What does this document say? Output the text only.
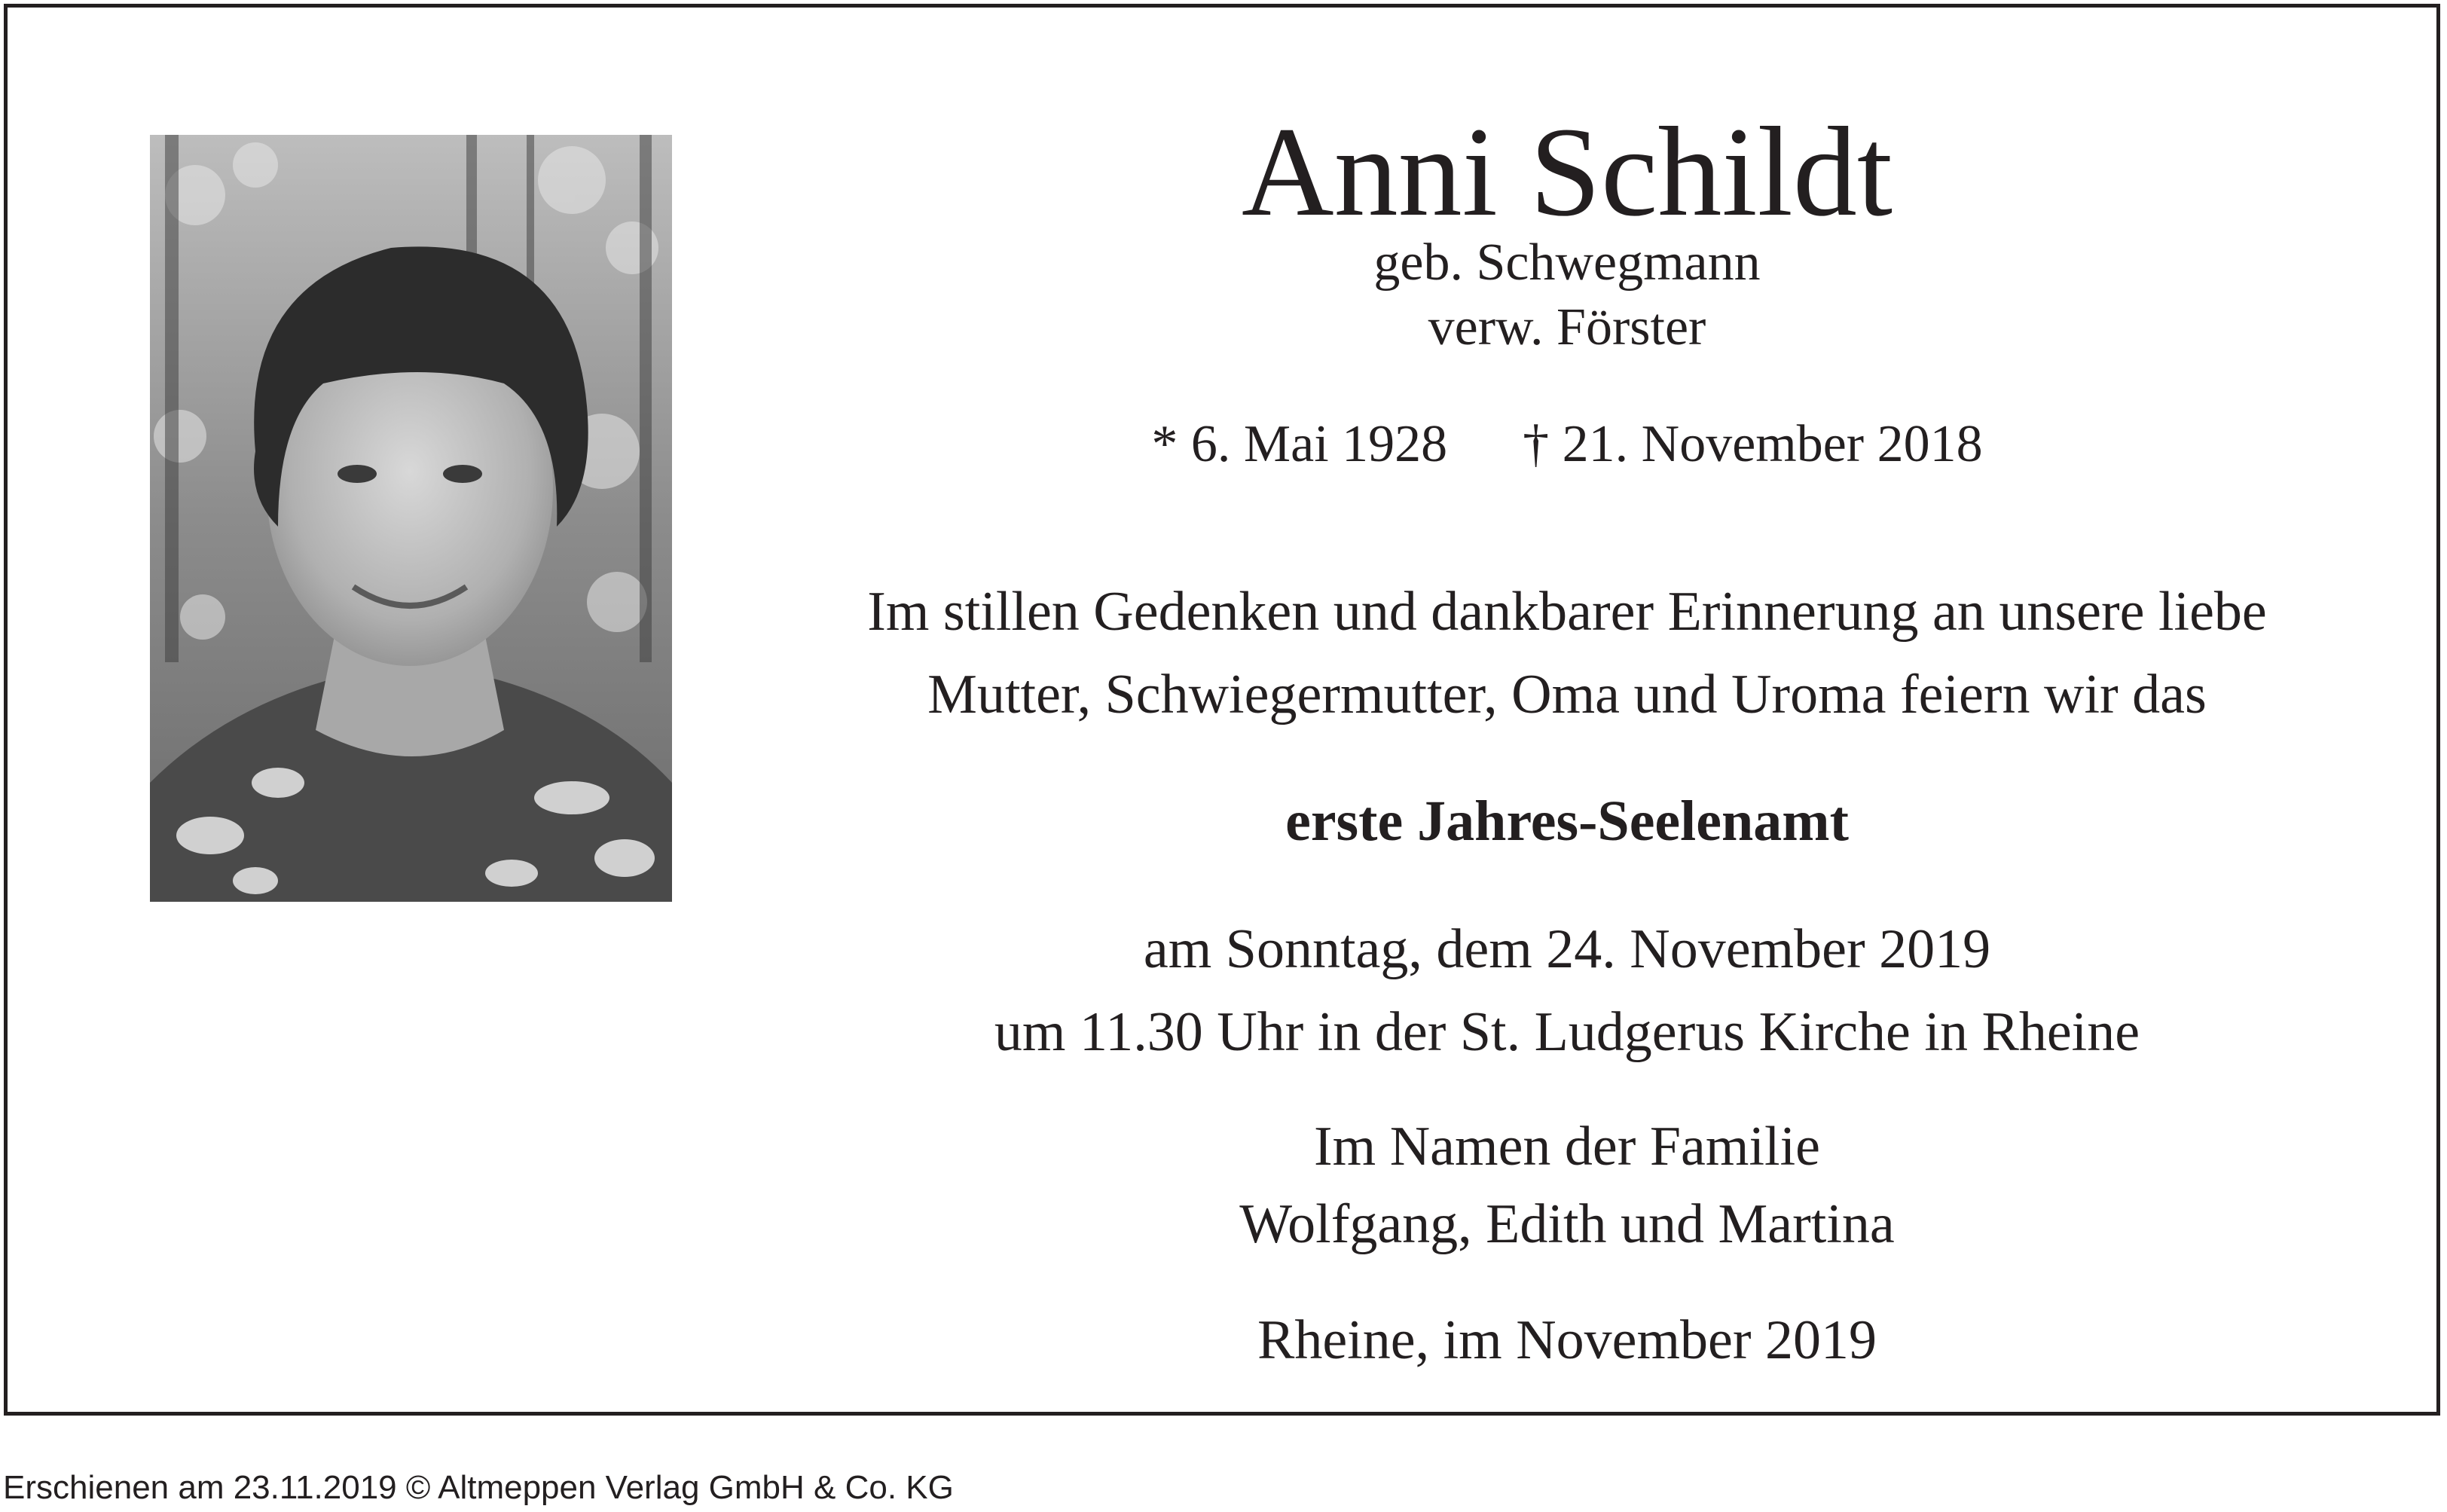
Anni Schildt
geb. Schwegmann
verw. Förster
* 6. Mai 1928 † 21. November 2018
Im stillen Gedenken und dankbarer Erinnerung an unsere liebe
Mutter, Schwiegermutter, Oma und Uroma feiern wir das
erste Jahres-Seelenamt
am Sonntag, dem 24. November 2019
um 11.30 Uhr in der St. Ludgerus Kirche in Rheine
Im Namen der Familie
Wolfgang, Edith und Martina
Rheine, im November 2019
Erschienen am 23.11.2019 © Altmeppen Verlag GmbH & Co. KG
